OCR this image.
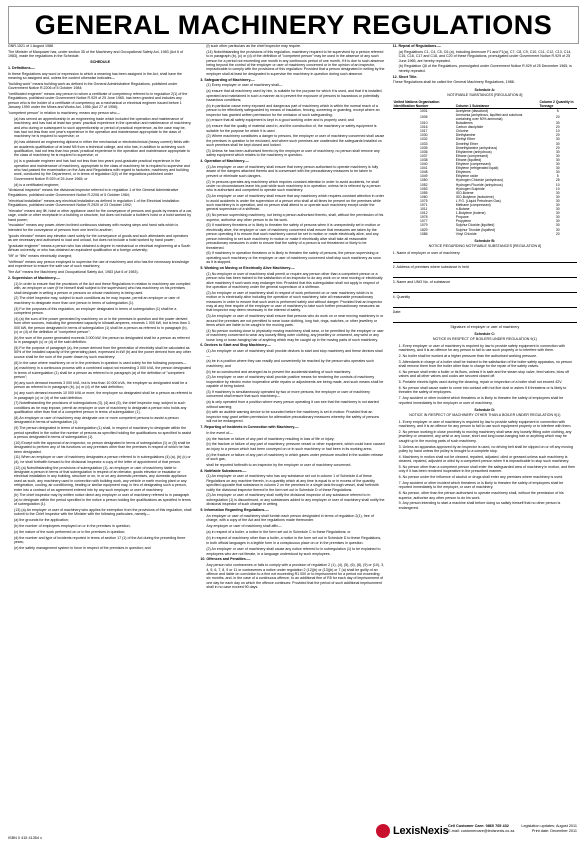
GENERAL MACHINERY REGULATIONS

GNR.1521 of 1 August 1988

The Minister of Manpower has, under section 35 of the Machinery and Occupational Safety Act, 1983 (Act 6 of 1983), made the regulations in the Schedule.

SCHEDULE

1. Definitions.—

In these Regulations any word or expression to which a meaning has been assigned in the Act, shall have the meaning so assigned and, unless the context otherwise indicates—

"building work" means building work as defined in the General Administrative Regulations, published under Government Notice R.2206 of 5 October 1984;

"certificated engineer" means any person to whom a certificate of competency referred to in regulation 2(1) of the Regulations, published under Government Notice R.929 of 25 June 1965, has been granted and includes any person who is the holder of a certificate of competency as a mechanical or electrical engineer issued before 1 January 1990 under the Mines and Works Act, 1956 (Act 27 of 1956);

"competent person" in relation to machinery, means any person who—

(a) has served an apprenticeship in an engineering trade which included the operation and maintenance of machinery, and has had at least two years' practical experience in the operation and maintenance of machinery, and who during or subsequent to such apprenticeship or period of practical experience, as the case may be, has had not less than one year's experience in the operation and maintenance appropriate to the class of machinery he is required to supervise; or

(b) has obtained an engineering diploma in either the mechanical or electrotechnical (heavy current) fields with an academic qualification of at least N5 from a technical college, and who has, in addition to achieving such qualification, had not less than two years' practical experience in the operation and maintenance appropriate to the class of machinery he is required to supervise; or

(c) is a graduate engineer and has had not less than two years' post-graduate practical experience in the operation and maintenance of machinery, appropriate to the class of machinery he is required to supervise and who had passed the examination on the Acts and Regulations with regard to factories, machinery and building work, conducted by the Department, or in terms of regulation 2(4) of the regulations published under Government Notice R.929 of 25 June 1965; or

(d) is a certificated engineer;

"divisional inspector" means the divisional inspector referred to in regulation 1 of the General Administrative Regulations, published under Government Notice R.2206 of 5 October 1984;

"electrical installation" means any electrical installation as defined in regulation 1 of the Electrical Installation Regulations, published under Government Notice R.2920 of 23 October 1992;

"elevator" means any lift, hoist or other appliance used for the conveyance of persons and goods by means of a car, cage, cradle or other receptacle in a building or structure, but does not include a builder's hoist or a hoist worked by hand power;

"escalator" means any power-driven inclined continuous stairway with moving steps and hand rails which is intended for the conveyance of persons from one level to another;

"goods elevator" means any elevator used solely for the conveyance of goods and such attendants and operators as are necessary and authorised to load and unload, but does not include a hoist worked by hand power;

"graduate engineer" means a person who has obtained a degree in mechanical or electrical engineering at a South African university, or who has obtained an equivalent qualification at a foreign university;

"lift" or "lifts" means electrically charged;

"shiftman" means any person employed to supervise the use of machinery and who has the necessary knowledge and experience to ensure the safe use of such machinery;

"the Act" means the Machinery and Occupational Safety Act, 1983 (Act 6 of 1983).

2. Supervision of Machinery.—

(1) In order to ensure that the provisions of the Act and these Regulations in relation to machinery are complied with, an employer or user (if he himself shall subject to the supervision) who has machinery on his premises shall designate in writing a person or persons on whose machinery is being used.

(2) The chief inspector may, subject to such conditions as he may impose, permit an employer or user of machinery to designate more than one person in terms of subregulation (1).

(3) For the purposes of this regulation, an employer designated in terms of subregulation (1) shall be a competent person.

(4) (a) the sum of the power generated by machinery on or in the premises in question and the power derived from other sources, including the generated capacity in kilowatt-amperes, exceeds 1 000 kW, but is less than 3 000 kW, the person designated in terms of subregulation (1) shall be a person as referred to in paragraph (b), (c) or (d) of the definition of "competent person";

(b) the sum of the power generated exceeds 3 000 kW, the person so designated shall be a person as referred to in paragraph (c) or (d) of the said definition.

(5) For the purpose of paragraph (a), the power derived from the generation of electricity shall be calculated as 50% of the installed capacity of the generating plant, expressed in kW (b) and the power derived from any other source shall be the sum of the power drawn by such machinery.

(6) In the case where machinery on or in the premises in question is used solely for the following purposes—

(a) machinery in a continuous process with a combined output not exceeding 3 000 kVA, the person designated in terms of subregulation (1) shall be a person as referred to in paragraph (a) of the definition of "competent person";

(b) any such demand exceeds 3 000 kVA, but is less than 10 000 kVA, the employer so designated shall be a person as referred to in paragraph (b), (c) or (d) of the said definition;

(c) any such demand exceeds 10 000 kVA or more, the employee so designated shall be a person as referred to in paragraph (c) or (d) of the said definition.

(7) Notwithstanding the provisions of subregulations (3), (4) and (5), the chief inspector may, subject to such conditions as he may impose, permit an employer or user of machinery to designate a person who holds any qualification other than that of a competent person in terms of subregulation (1).

(8) An employer or user of machinery may designate one or more competent persons to assist a person designated in terms of subregulation (1).

(9) The person designated in terms of subregulation (1) shall, in respect of machinery to designate within the period specified in the notice the number of persons as specified holding the qualifications so specified to assist a person designated in terms of subregulation (1).

(10) Except with the approval of an inspector, no person designated in terms of subregulation (1) or (8) shall be designated to perform any of his functions on any premises other than the premises in respect of which he has been designated.

(11) When an employer or user of machinery designates a person referred to in subregulations (4) (a), (b) (c) or (d), he shall forthwith forward to the divisional inspector a copy of the letter of appointment of that person.

(12) (a) Notwithstanding the provisions of subregulation (1), an employer or user of machinery liable to designate a person in terms of that subregulation in respect of an elevator, goods elevator or escalator or electrical installation in any building, structure or on, in or on any domestic premises, any domestic appliance used as such, any machinery used in connection with building work, any vehicle or earth moving plant or any refrigeration, cooling, air conditioning, heating or similar equipment may, in lieu of designating such a person, enter into a contract of an agreement entered into by any such employer or user of machinery.

(b) The chief inspector may by written notice direct any employer or user of machinery referred to in paragraph (a) to designate within the period specified in the notice a person holding the qualifications as specified in terms of subregulation (1).

(13) (a) An employer or user of machinery who applies for exemption from the provisions of this regulation, shall submit to the Chief Inspector with the Minister with the following particulars, namely—

(a) the grounds for the application;

(b) the number of employees employed on or in the premises in question;

(c) the nature of the work performed on or in the premises in question;

(d) the number and type of incidents reported in terms of section 17 (1) of the Act during the preceding three years;

(e) the safety management system in force in respect of the premises in question; and

(f) such other particulars as the chief inspector may require.

(14) Notwithstanding the provisions of this regulation, machinery required to be supervised by a person referred to in paragraph (b), (c) or (d) of the definition of "competent person" may be used in the absence of any such person for a period not exceeding one month in any continuous period of one month, if it is due to such absence being beyond the control of the employer or user of machinery concerned or in the opinion of an inspector, impracticable to comply with the provisions of this regulation: Provided that a person designated in writing by the employer shall at least be designated to supervise the machinery in question during such absence.

3. Safeguarding of Machinery.—

(1) Every employer or user of machinery shall—

(a) ensure that all machinery used by him, is suitable for the purpose for which it is used, and that it is installed, operated and maintained in such a manner as to prevent the exposure of persons to hazardous or potentially hazardous conditions;

(b) in particular cause every exposed and dangerous part of machinery which is within the normal reach of a person to be effectively safeguarded by means of insulation, fencing, screening or guarding, except where an inspector has granted written permission for the omission of such safeguarding;

(c) ensure that all safety equipment is kept in a good working order and is properly used; and

(d) ensure that the quality of material used in, and the construction of, the machinery or safety equipment is suitable for the purpose for which it is used.

(2) Where machinery constitutes a danger to persons, the employer or user of machinery concerned shall cause the premises in question to be enclosed, and where such premises are unattended the safeguards installed on such premises shall be kept closed and locked.

(3) Unless he has been authorised thereto by the employer or user of machinery, no person shall remove any safety equipment which relates to the machinery in question.

4. Operation of Machinery.—

(1) An employer or user of machinery shall ensure that every person authorised to operate machinery is fully aware of the dangers attached thereto and is conversant with the precautionary measures to be taken to prevent or eliminate such dangers.

(2) In persons operates any machinery which requires constant attention in order to avoid accidents, he shall under no circumstances leave his post while such machinery is in operation, unless he is relieved by a person who is authorised and competent to operate such machinery.

(3) An employer or user of machinery shall ensure that any machinery which requires constant attention in order to avoid accidents is under the supervision of a person who shall at all times be present on the premises while such machinery is in operation, and no person shall attend to or operate such machinery except under the general supervision of a shiftman.

(4) No person supervising machinery, not being a person authorised thereto, shall, without the permission of his superior, authorise any other person to do his work.

(5) If machinery threatens or is likely to threaten the safety of persons when it is unexpectedly set in motion or electrically alive, the employer or user of machinery concerned shall ensure that measures are taken by the person operating it to ensure that such machinery cannot be set in motion or made electrically alive, and any person intending to set such machinery in motion or make it electrically alive shall take all reasonable precautionary measures in order to ensure that the safety of a person is not threatened or likely to be threatened.

(6) If machinery in operation threatens or is likely to threaten the safety of persons, the person supervising or operating such machinery or the employer or user of machinery concerned shall stop such machinery as soon as it is stopped.

5. Working on Moving or Electrically Alive Machinery.—

(1) No employer or user of machinery shall permit or require any person other than a competent person or a person who has been trained to the satisfaction of an inspector to do any work on or near moving or electrically alive machinery if such work may endanger him: Provided that this subregulation shall not apply in respect of the operation of machinery under the general supervision of a shiftman.

(2) An employer or user of machinery shall in respect of work performed on or near machinery which is in motion or is electrically alive including the operation of such machinery, take all reasonable precautionary measures in order to ensure that such work is performed safely and without danger: Provided that an inspector may at any time require of the employer or user of machinery to take such further precautionary measures as that inspector may deem necessary in the interest of safety.

(3) An employer or user of machinery shall ensure that persons who do work on or near moving machinery in or around the premises are not permitted to wear loose clothing, long hair, rings, watches, or other jewellery or items which are liable to be caught in the moving parts.

(4) No person working close to physically moving machinery shall wear, or be permitted by the employer or user of machinery concerned to wear any loosely fitting outer clothing, any jewellery or ornament, any wrist or any loose long or loose-hanging hair of anything which may be caught up in the moving parts of such machinery.

6. Devices to Start and Stop Machinery.—

(1) An employer or user of machinery shall provide devices to start and stop machinery and these devices shall—

(a) be in a position where they can readily and conveniently be reached by the person who operates such machinery; and

(b) be so constructed and arranged as to prevent the accidental starting of such machinery.

(2) An employer or user of machinery shall provide positive means for rendering the controls of machinery inoperative by electric motor inoperative while repairs or adjustments are being made, and such means shall be capable of being locked.

(3) If machinery is simultaneously operated by two or more persons, the employer or user of machinery concerned shall ensure that such machinery—

(a) is only operated from a position where every person operating it can see that the machinery is not started without warning;

(b) with an audible warning device to be sounded before the machinery is set in motion: Provided that an inspector may grant written permission for alternative precautionary measures whereby the safety of persons will not be endangered.

7. Reporting of Incidents in Connection with Machinery.—

In the event of—

(a) the fracture or failure of any part of machinery resulting in loss of life or injury;

(b) the fracture or failure of any part of machinery, pressure vessel or other equipment, which could have caused an injury to a person which had been conveyed on or in such machinery or had been in its working area;

(c) the fracture or failure of any part of machinery in which gases under pressure resulted in the sudden release of such gas,

shall be reported forthwith to an inspector by the employer or user of machinery concerned.

8. Notifiable Substances.—

(1) An employer or user of machinery who has any substance set out in column 1 of Schedule A of these Regulations on any machine therein, in a quantity which at any time is equal to or in excess of the quantity specified opposite that substance in column 2 on the premises in a single tank through vessel, shall forthwith notify the divisional inspector thereof in the form set out in Schedule D of these Regulations.

(2) An employer or user of machinery shall notify the divisional inspector of any substance referred to in subregulation (1) is discontinued, or any substances added to any employer or user of machinery shall notify the divisional inspector of such change in writing.

9. Information Regarding Regulations.—

An employer or user of machinery shall furnish each person designated in terms of regulation 2(1), free of charge, with a copy of the Act and the regulations made thereunder.

Any employer or user of machinery shall affix—

(a) in respect of a boiler, a notice in the form set out in Schedule C to these Regulations; or

(b) in respect of machinery other than a boiler, a notice in the form set out in Schedule D to these Regulations,

in both official languages in a legible form in a conspicuous place on or in the premises in question.

(2) An employer or user of machinery shall cause any notice referred to in subregulation (1) to be explained to employees who are not literate, in a language understood by such employees.

10. Offences and Penalties.—

Any person who contravenes or fails to comply with a provision of regulation 2 (1), (4), (5), (6), (8), (9) or (10), 3, 4, 5, 6, 7, 8, 9 or 11 or contravenes a notice under regulation 2 (12)(b) or (13)(b) or 7 (a) shall be guilty of an offence and liable on conviction to a fine not exceeding R1 000 or to imprisonment for a period not exceeding six months, and, in the case of a continuous offence, to an additional fine of R5 for each day of imprisonment of one day for each day on which the offence continues: Provided that the period of such additional imprisonment shall in no case exceed 90 days.

11. Repeal of Regulations.—

(a) Regulations C1, C4, C5, C6 (a), including Annexure F1 and F1(a), C7, C8, C9, C10, C11, C12, C13, C14, C15, C16, C17 and C18, and C20 of these Regulations, promulgated under Government Notice R.929 of 25 June 1965, are hereby repealed.

(b) Regulation Q6 of the Regulations, promulgated under Government Notice R.929 of 25 December 1965, is hereby repealed.

12. Short Title.

These Regulations shall be called the General Machinery Regulations, 1988.

Schedule A:
NOTIFIABLE SUBSTANCES [REGULATION 8]
United Nations Organisation Identification Number	Column 1 Substance	Column 2 Quantity in Tonnage
1001	Acetylene (dissolved)	5
1005	Ammonia (anhydrous, liquified and solutions containing over 50% ammonia)	20
1010	Butadienes	30
1016	Carbon disulphide	20
1017	Chlorine	10
1030	Diethylamine	20
1032	Diethyl Ether	30
1033	Dimethyl Ether	30
1035	Dimethylamine (anhydrous)	20
1036	Ethylamine (anhydrous)	30
1037	Ethane (compressed)	30
1038	Ethane (liquified)	30
1040	Ethylene (compressed)	30
1041	Ethylene (refrigerated liquid)	30
1048	Ethylenes	30
1049	Ethylene oxide	5
1050	Hydrogen Chloride (anhydrous)	25
1052	Hydrogen Fluoride (anhydrous)	10
1053	Hydrogen Sulphide	10
1055	ISO-Butene	30
1060	ISO-Butylene (isobutene)	30
1075	L.P.G. (Liquid Petroleum Gas)	30
1971	Methane (compressed)	30
1011	n-Butane	30
1012	1-Butylene (butene)	30
1978	Propane	30
1077	Propylene	30
1079	Sulphur Dioxide (liquified)	30
1829	Sulphur Trioxide (liquified)	30
1086	Vinyl Chloride	20
Schedule B:
NOTICE REGARDING NOTIFIABLE SUBSTANCES [REGULATION 8]

1. Name of employer or user of machinery

2. Address of premises where substance is held

3. Name and UNO No. of substance

4. Quantity

Date:

Signature of employer or user of machinery

Schedule C:
NOTICE IN RESPECT OF BOILERS UNDER REGULATION 9(1)

1. Every employer or user of machinery is required by law to provide safety equipment in connection with machinery, and it is an offence for any person to fail to use such property or to interfere with them.

2. No boiler shall be worked at a higher pressure than the authorised working pressure.

3. Attendants in charge of a boiler shall be trained to the satisfaction of the boiler safety apparatus, no person shall remove them from the boiler other than in charge for the repair of the safety valves.

4. No person shall enter a boiler or its flues, unless it is safe and the steam stop valve, feed valves, blow off valves and all other valves and cocks are secured closed off.

5. Portable electric lights used during the cleaning, repair or inspection of a boiler shall not exceed 42V.

6. No person shall cause water to come into contact with hot flue dust or ashes if it threatens or is likely to threaten the safety of employees.

7. Any accident or other incident which threatens or is likely to threaten the safety of employees shall be reported immediately to the employer or user of machinery.

Schedule D:
NOTICE IN RESPECT OF MACHINERY OTHER THAN A BOILER UNDER REGULATION 9(1)

1. Every employer or user of machinery is required by law to provide safety equipment in connection with machinery, and it is an offence for any person to fail to use such equipment properly or to interfere with them.

2. No person working in close proximity to moving machinery shall wear any loosely fitting outer clothing, any jewellery or ornament, any wrist or any loose, short and long loose-hanging hair or anything which may be caught up in the moving parts of such machinery.

3. Unless an apparatus approved by an inspector is used, no driving belt shall be slipped on or off any moving pulley by hand unless the pulley is brought to a complete stop.

4. Machinery in motion shall not be cleaned, repaired, adjusted, oiled or greased unless such machinery is cleaned, repaired, adjusted or oiled by a competent person when it is impracticable to stop such machinery.

5. No person other than a competent person shall enter the safeguarded area of machinery in motion, and then only if it has been rendered inoperative in the prescribed manner.

6. No person under the influence of alcohol or drugs shall enter any premises where machinery is used.

7. Any accident or other incident which threatens or is likely to threaten the safety of employees shall be reported immediately to the employer, or user of machinery.

8. No person, other than the person authorised to operate machinery shall, without the permission of his superior, authorise any other person to do his work.

9. Any person intending to start a machine shall before doing so satisfy himself that no other person is endangered.

ISBN 0 415 41354 x
LexisNexis Cell Customer Care: 0860 765 432
E-mail: customercare@lexisnexis.co.za
Legislation updates: August 2011
Print date: December 2011
